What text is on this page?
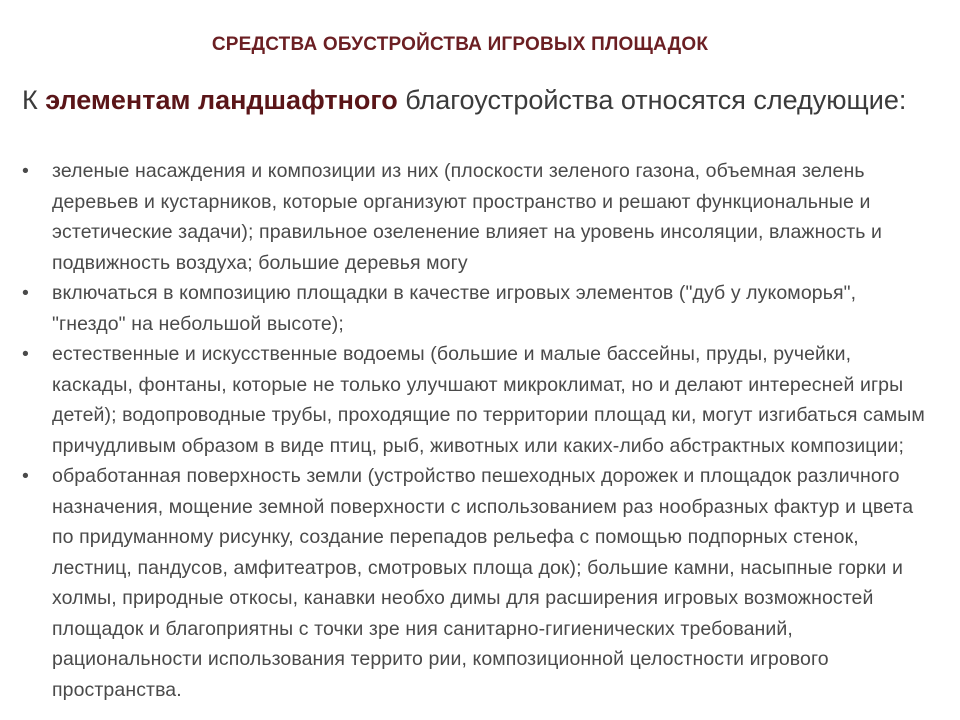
СРЕДСТВА ОБУСТРОЙСТВА ИГРОВЫХ ПЛОЩАДОК
К элементам ландшафтного благоустройства относятся следующие:
•	зеленые насаждения и композиции из них (плоскости зеленого газона, объемная зелень деревьев и кустарников, которые организуют пространство и решают функциональные и эстетические задачи); правильное озеленение влияет на уровень инсоляции, влажность и подвижность воздуха; большие деревья могу
•	включаться в композицию площадки в качестве игровых элементов ("дуб у лукоморья", "гнездо" на небольшой высоте);
•	естественные и искусственные водоемы (большие и малые бассейны, пруды, ручейки, каскады, фонтаны, которые не только улучшают микроклимат, но и делают интересней игры детей); водопроводные трубы, проходящие по территории площад ки, могут изгибаться самым причудливым образом в виде птиц, рыб, животных или каких-либо абстрактных композиции;
•	обработанная поверхность земли (устройство пешеходных дорожек и площадок различного назначения, мощение земной поверхности с использованием раз нообразных фактур и цвета по придуманному рисунку, создание перепадов рельефа с помощью подпорных стенок, лестниц, пандусов, амфитеатров, смотровых площа док); большие камни, насыпные горки и холмы, природные откосы, канавки необхо димы для расширения игровых возможностей площадок и благоприятны с точки зре ния санитарно-гигиенических требований, рациональности использования террито рии, композиционной целостности игрового пространства.
